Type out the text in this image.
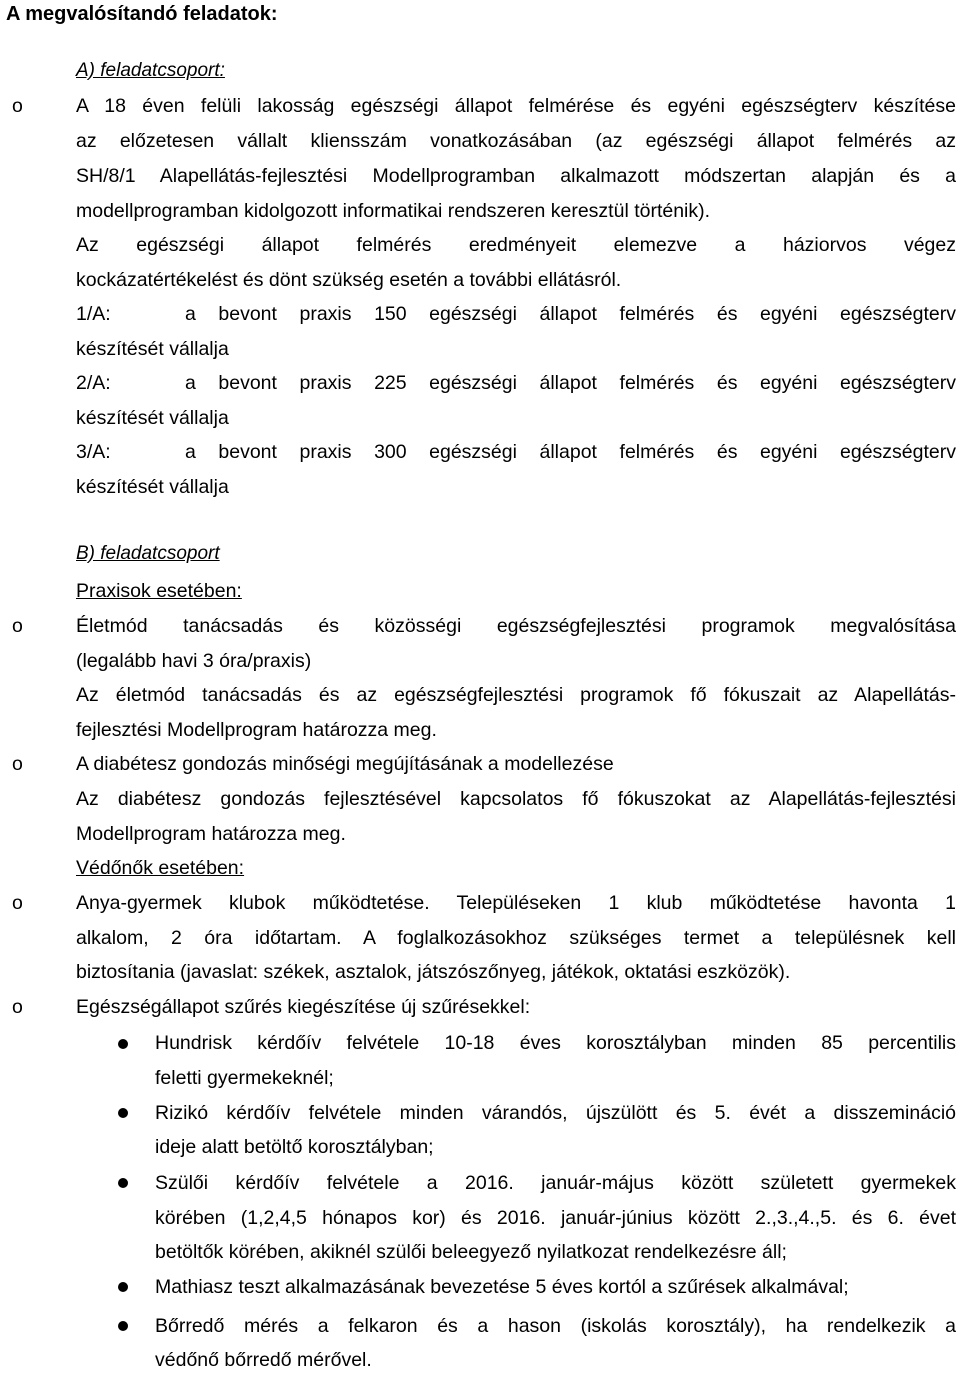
A megvalósítandó feladatok:
A) feladatcsoport:
o	A 18 éven felüli lakosság egészségi állapot felmérése és egyéni egészségterv készítése
az előzetesen vállalt kliensszám vonatkozásában (az egészségi állapot felmérés az
SH/8/1 Alapellátás-fejlesztési Modellprogramban alkalmazott módszertan alapján és a
modellprogramban kidolgozott informatikai rendszeren keresztül történik).
Az egészségi állapot felmérés eredményeit elemezve a háziorvos végez
kockázatértékelést és dönt szükség esetén a további ellátásról.
1/A:	a bevont praxis 150 egészségi állapot felmérés és egyéni egészségterv
készítését vállalja
2/A:	a bevont praxis 225 egészségi állapot felmérés és egyéni egészségterv
készítését vállalja
3/A:	a bevont praxis 300 egészségi állapot felmérés és egyéni egészségterv
készítését vállalja
B) feladatcsoport
Praxisok esetében:
o	Életmód tanácsadás és közösségi egészségfejlesztési programok megvalósítása
(legalább havi 3 óra/praxis)
Az életmód tanácsadás és az egészségfejlesztési programok fő fókuszait az Alapellátás-
fejlesztési Modellprogram határozza meg.
o	A diabétesz gondozás minőségi megújításának a modellezése
Az diabétesz gondozás fejlesztésével kapcsolatos fő fókuszokat az Alapellátás-fejlesztési
Modellprogram határozza meg.
Védőnők esetében:
o	Anya-gyermek klubok működtetése. Településeken 1 klub működtetése havonta 1
alkalom, 2 óra időtartam. A foglalkozásokhoz szükséges termet a településnek kell
biztosítania (javaslat: székek, asztalok, játszószőnyeg, játékok, oktatási eszközök).
o	Egészségállapot szűrés kiegészítése új szűrésekkel:
Hundrisk kérdőív felvétele 10-18 éves korosztályban minden 85 percentilis
feletti gyermekeknél;
Rizikó kérdőív felvétele minden várandós, újszülött és 5. évét a disszemináció
ideje alatt betöltő korosztályban;
Szülői kérdőív felvétele a 2016. január-május között született gyermekek
körében (1,2,4,5 hónapos kor) és 2016. január-június között 2.,3.,4.,5. és 6. évet
betöltők körében, akiknél szülői beleegyező nyilatkozat rendelkezésre áll;
Mathiasz teszt alkalmazásának bevezetése 5 éves kortól a szűrések alkalmával;
Bőrredő mérés a felkaron és a hason (iskolás korosztály), ha rendelkezik a
védőnő bőrredő mérővel.
